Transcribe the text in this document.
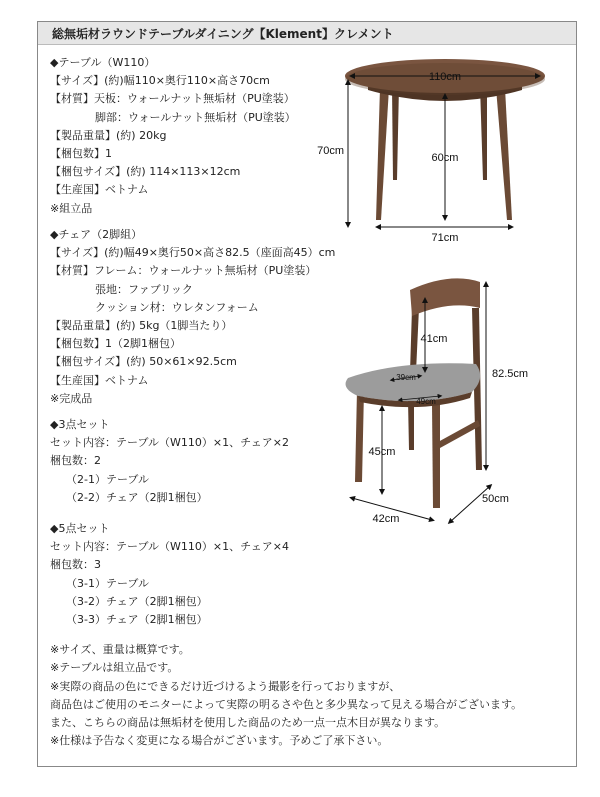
総無垢材ラウンドテーブルダイニング【Klement】クレメント
◆テーブル（W110）
【サイズ】(約)幅110×奥行110×高さ70cm
【材質】天板：ウォールナット無垢材（PU塗装）
脚部：ウォールナット無垢材（PU塗装）
【製品重量】(約) 20kg
【梱包数】1
【梱包サイズ】(約) 114×113×12cm
【生産国】ベトナム
※組立品
◆チェア（2脚組）
【サイズ】(約)幅49×奥行50×高さ82.5（座面高45）cm
【材質】フレーム：ウォールナット無垢材（PU塗装）
張地：ファブリック
クッション材：ウレタンフォーム
【製品重量】(約) 5kg（1脚当たり）
【梱包数】1（2脚1梱包）
【梱包サイズ】(約) 50×61×92.5cm
【生産国】ベトナム
※完成品
◆3点セット
セット内容：テーブル（W110）×1、チェア×2
梱包数：2
（2-1）テーブル
（2-2）チェア（2脚1梱包）
◆5点セット
セット内容：テーブル（W110）×1、チェア×4
梱包数：3
（3-1）テーブル
（3-2）チェア（2脚1梱包）
（3-3）チェア（2脚1梱包）
※サイズ、重量は概算です。
※テーブルは組立品です。
※実際の商品の色にできるだけ近づけるよう撮影を行っておりますが、
商品色はご使用のモニターによって実際の明るさや色と多少異なって見える場合がございます。
また、こちらの商品は無垢材を使用した商品のため一点一点木目が異なります。
※仕様は予告なく変更になる場合がございます。予めご了承下さい。
110cm
70cm
60cm
71cm
41cm
82.5cm
39cm
49cm
45cm
42cm
50cm
